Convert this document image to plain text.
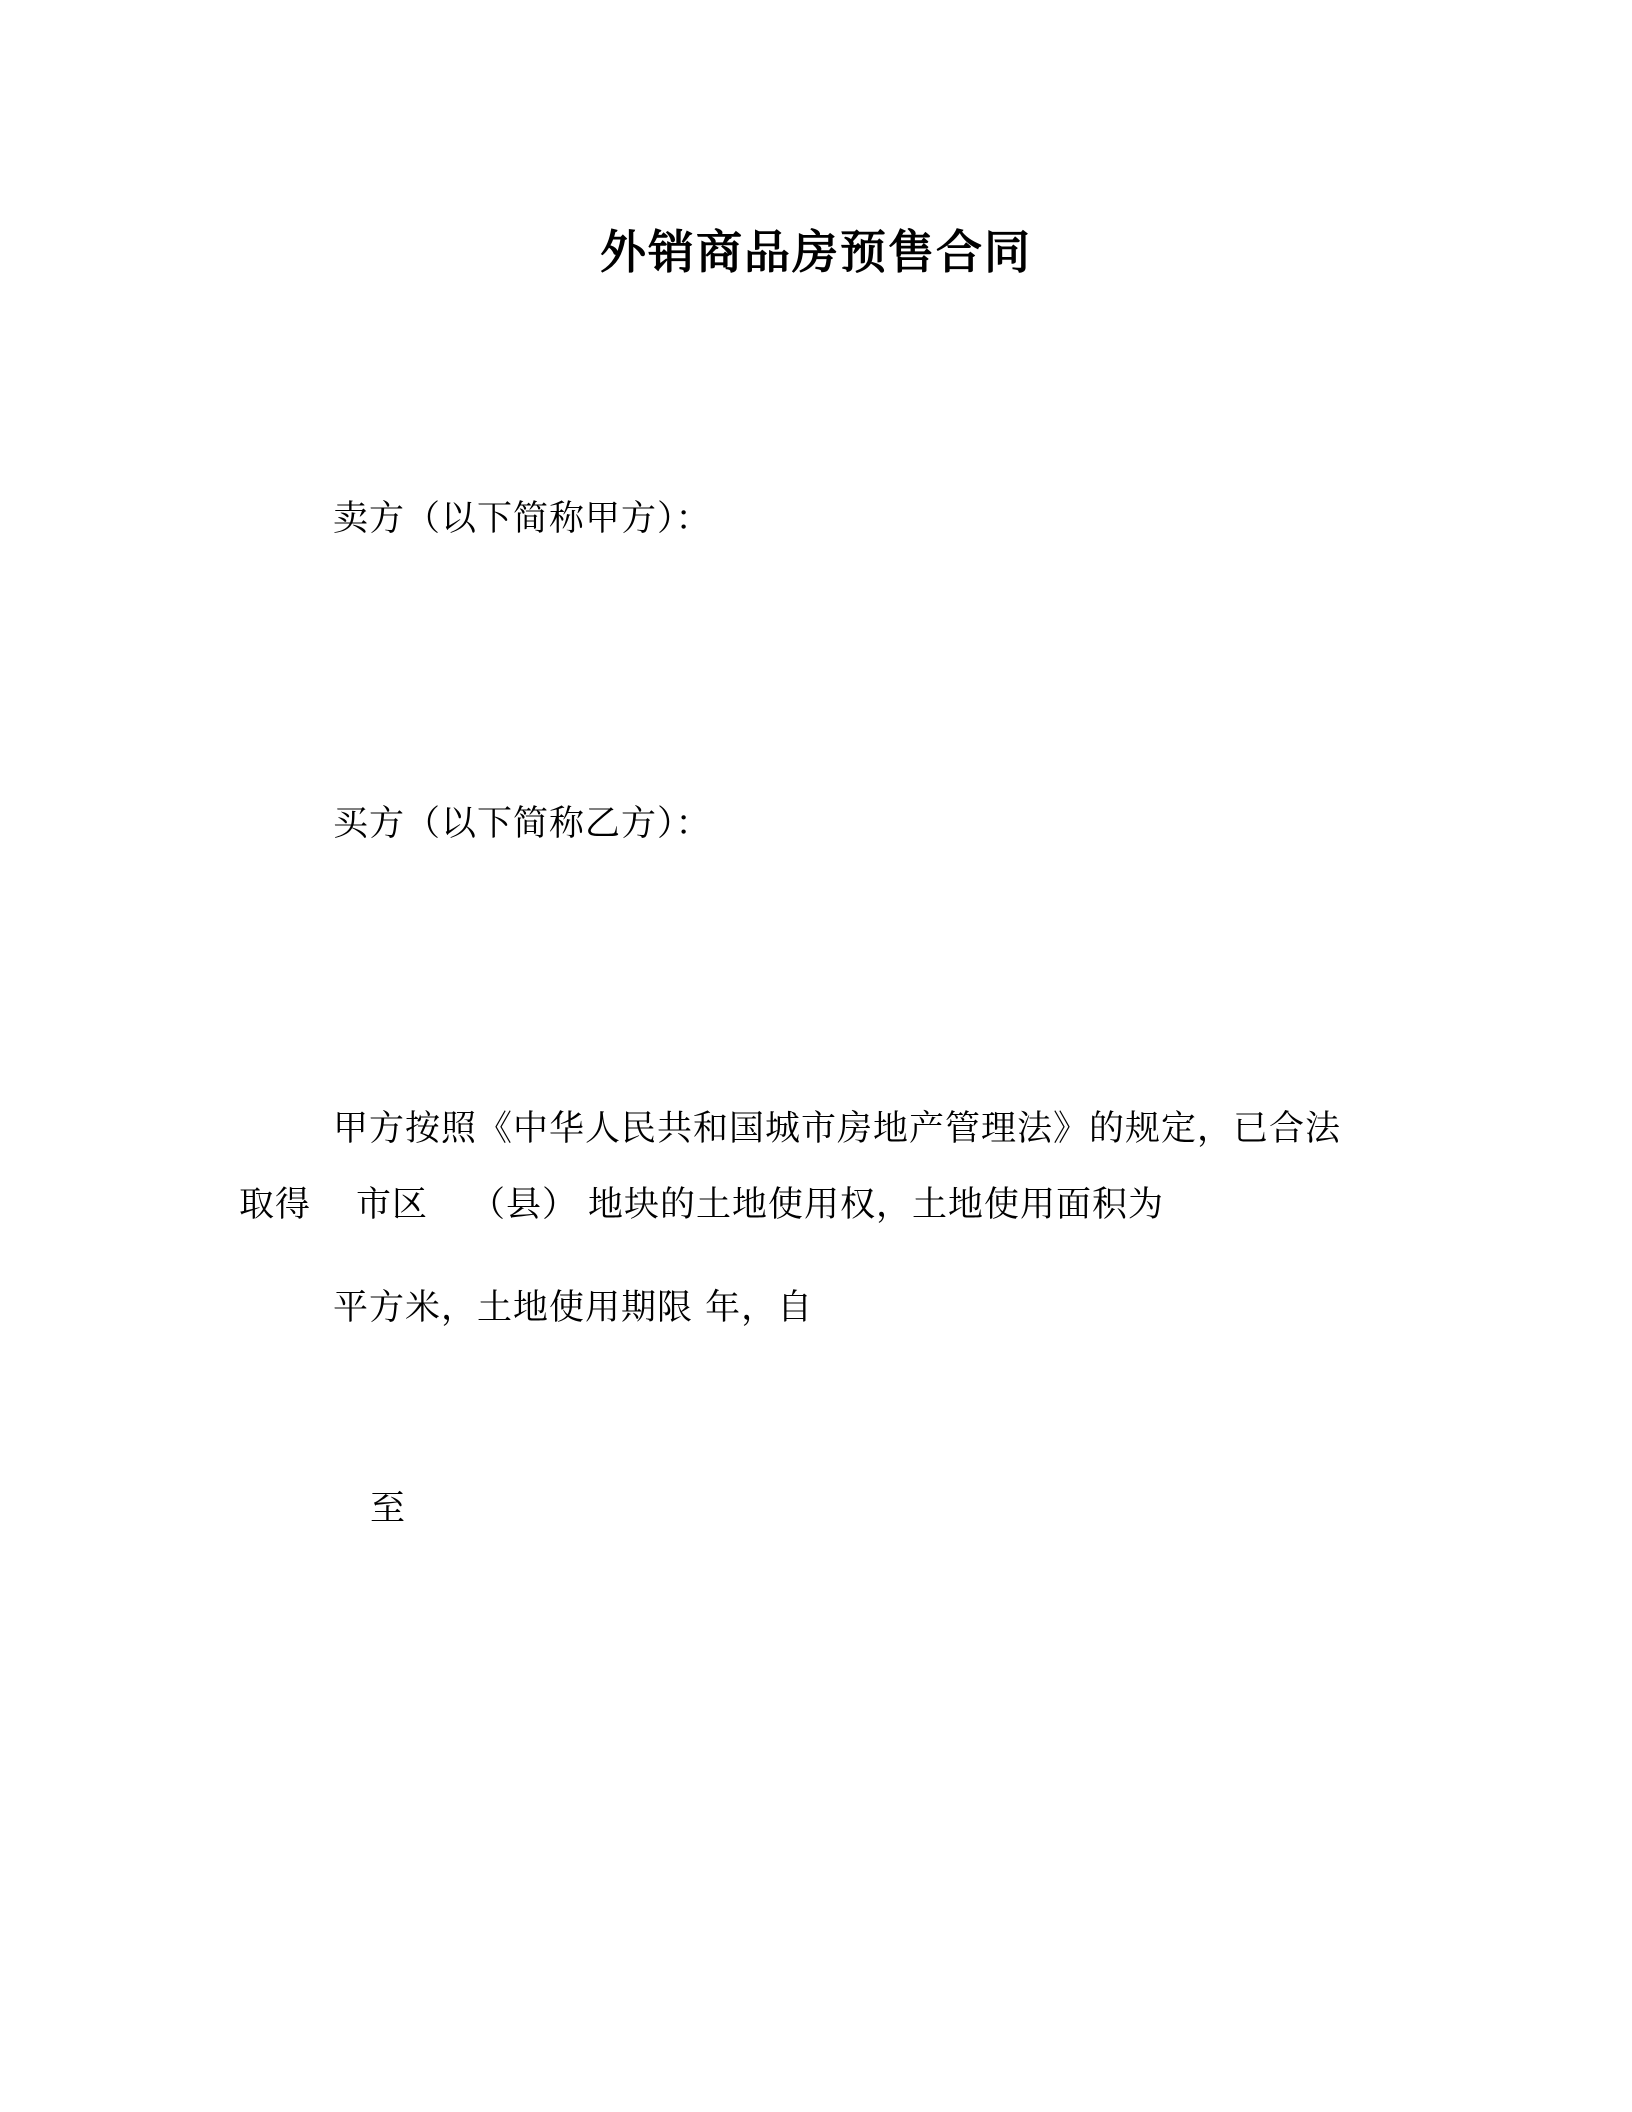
外销商品房预售合同
卖方（以下简称甲方）：
买方（以下简称乙方）：
甲方按照《中华人民共和国城市房地产管理法》的规定，已合法
取得 市区 （县） 地块的土地使用权，土地使用面积为
平方米，土地使用期限 年，自
至
